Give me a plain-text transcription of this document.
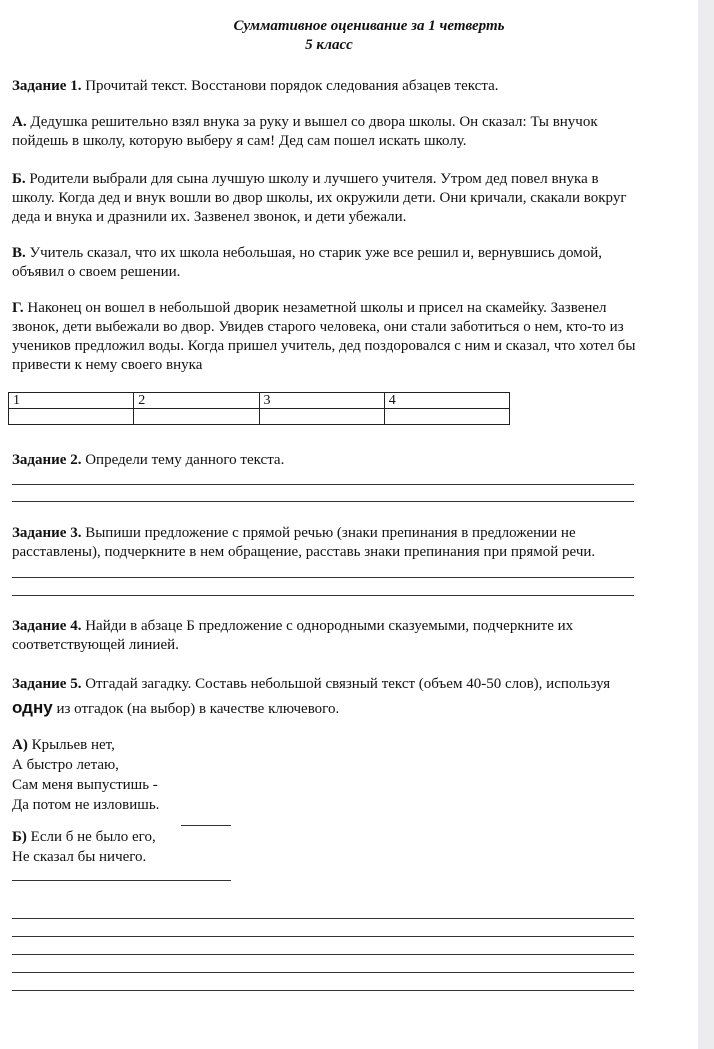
Суммативное оценивание за 1 четверть
5 класс

Задание 1. Прочитай текст. Восстанови порядок следования абзацев текста.

А. Дедушка решительно взял внука за руку и вышел со двора школы. Он сказал: Ты внучок пойдешь в школу, которую выберу я сам! Дед сам пошел искать школу.

Б. Родители выбрали для сына лучшую школу и лучшего учителя. Утром дед повел внука в школу. Когда дед и внук вошли во двор школы, их окружили дети. Они кричали, скакали вокруг деда и внука и дразнили их. Зазвенел звонок, и дети убежали.

В. Учитель сказал, что их школа небольшая, но старик уже все решил и, вернувшись домой, объявил о своем решении.

Г. Наконец он вошел в небольшой дворик незаметной школы и присел на скамейку. Зазвенел звонок, дети выбежали во двор. Увидев старого человека, они стали заботиться о нем, кто-то из учеников предложил воды. Когда пришел учитель, дед поздоровался с ним и сказал, что хотел бы привести к нему своего внука

1	2	3	4

Задание 2. Определи тему данного текста.

Задание 3. Выпиши предложение с прямой речью (знаки препинания в предложении не расставлены), подчеркните в нем обращение, расставь знаки препинания при прямой речи.

Задание 4. Найди в абзаце Б предложение с однородными сказуемыми, подчеркните их соответствующей линией.

Задание 5. Отгадай загадку. Составь небольшой связный текст (объем 40-50 слов), используя одну из отгадок (на выбор) в качестве ключевого.

А) Крыльев нет,

А быстро летаю,

Сам меня выпустишь -

Да потом не изловишь.

Б) Если б не было его,

Не сказал бы ничего.
